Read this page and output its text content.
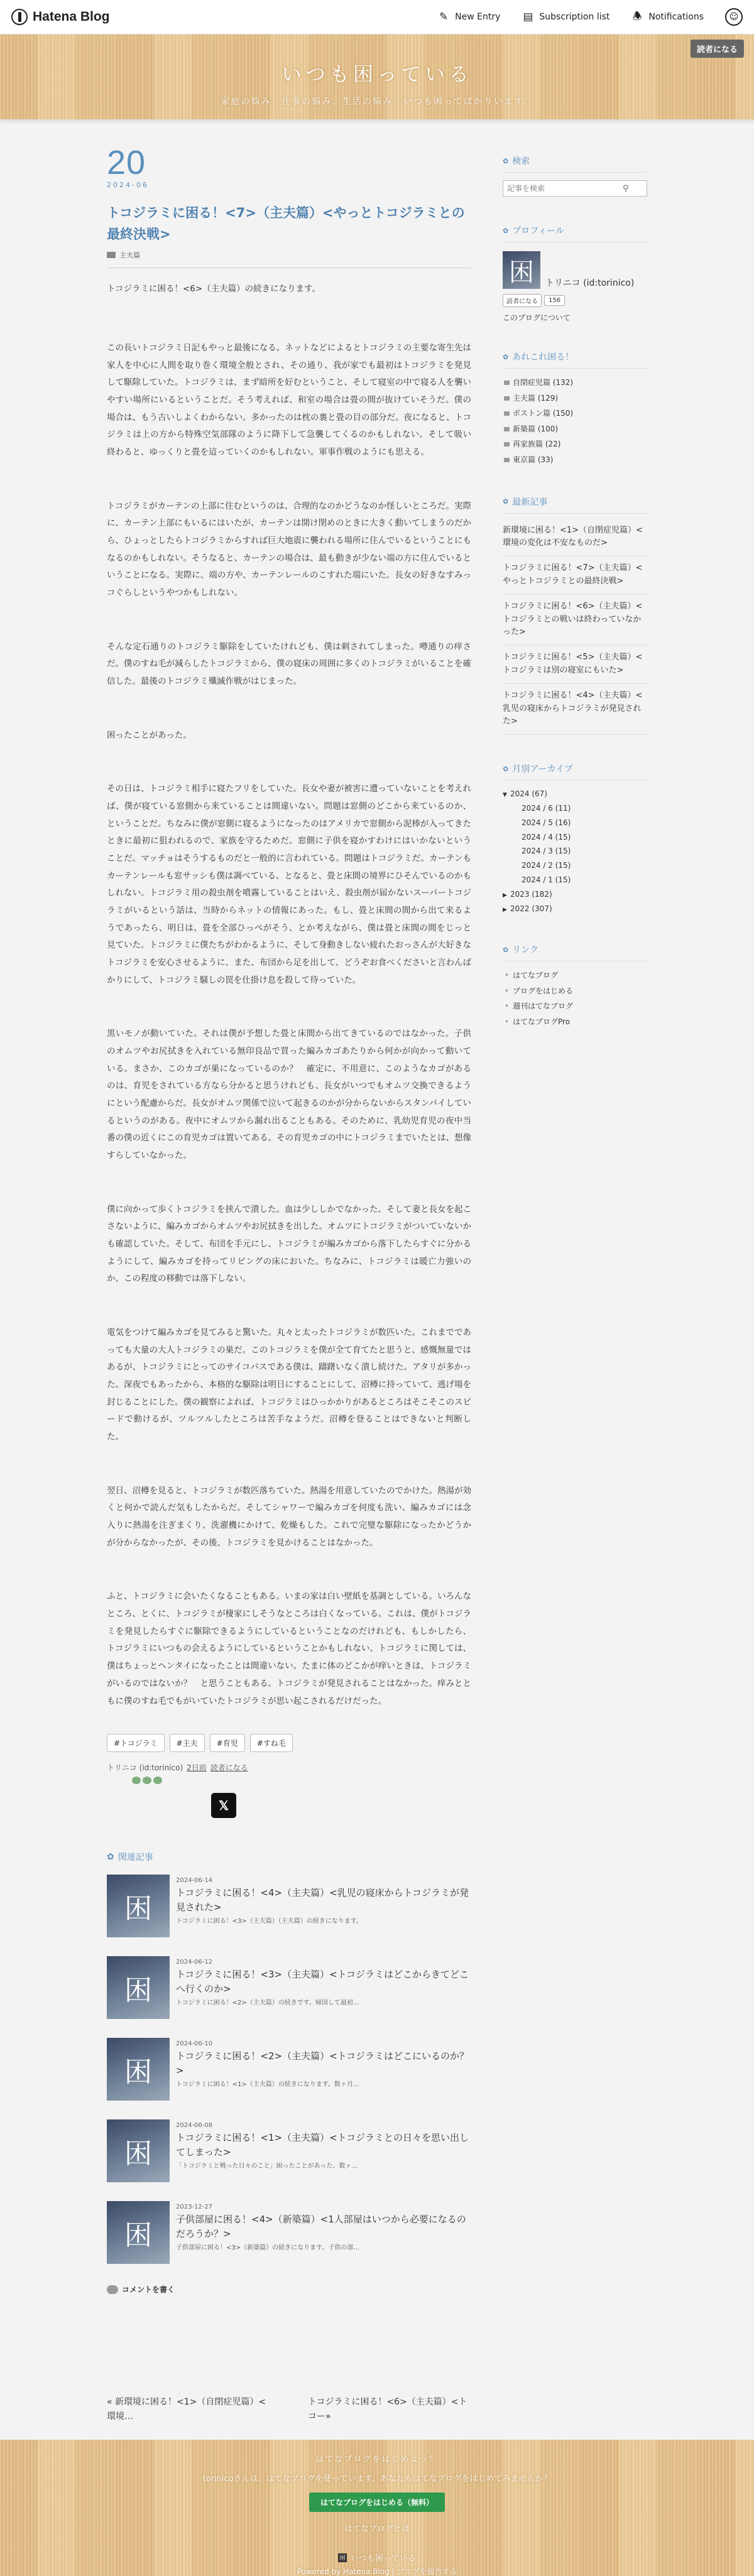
Hatena Blog	✎ New Entry ▤ Subscription list 🕭 Notifications	☺
読者になる
いつも困っている
家庭の悩み、仕事の悩み、生活の悩み。いつも困ってばかりいます。
20
2024-06
トコジラミに困る！<7>（主夫篇）<やっとトコジラミとの最終決戦>
主夫篇

トコジラミに困る！<6>（主夫篇）の続きになります。

この長いトコジラミ日記もやっと最後になる。ネットなどによるとトコジラミの主要な寄生先は家人を中心に人間を取り巻く環境全般とされ、その通り、我が家でも最初はトコジラミを発見して駆除していた。トコジラミは、まず暗所を好むということ、そして寝室の中で寝る人を襲いやすい場所にいるということだ。そう考えれば、和室の場合は畳の間が抜けていそうだ。僕の場合は、もう古いしよくわからない。多かったのは枕の裏と畳の目の部分だ。夜になると、トコジラミは上の方から特殊空気部隊のように降下して急襲してくるのかもしれない。そして吸い終わると、ゆっくりと畳を這っていくのかもしれない。軍事作戦のようにも思える。

トコジラミがカーテンの上部に住むというのは、合理的なのかどうなのか怪しいところだ。実際に、カーテン上部にもいるにはいたが、カーテンは開け閉めのときに大きく動いてしまうのだから、ひょっとしたらトコジラミからすれば巨大地震に襲われる場所に住んでいるということにもなるのかもしれない。そうなると、カーテンの場合は、最も動きが少ない端の方に住んでいるということになる。実際に、端の方や、カーテンレールのこすれた端にいた。長女の好きなすみっコぐらしというやつかもしれない。

そんな定石通りのトコジラミ駆除をしていたけれども、僕は刺されてしまった。噂通りの痒さだ。僕のすね毛が減らしたトコジラミから、僕の寝床の周囲に多くのトコジラミがいることを確信した。最後のトコジラミ殲滅作戦がはじまった。

困ったことがあった。

その日は、トコジラミ相手に寝たフリをしていた。長女や妻が被害に遭っていないことを考えれば、僕が寝ている窓側から来ていることは間違いない。問題は窓側のどこから来ているのか、ということだ。ちなみに僕が窓側に寝るようになったのはアメリカで窓側から泥棒が入ってきたときに最初に狙われるので、家族を守るためだ。窓側に子供を寝かすわけにはいかないということだ。マッチョはそうするものだと一般的に言われている。問題はトコジラミだ。カーテンもカーテンレールも窓サッシも僕は調べている。となると、畳と床間の境界にひそんでいるのかもしれない。トコジラミ用の殺虫剤を噴霧していることはいえ、殺虫剤が届かないスーパートコジラミがいるという話は、当時からネットの情報にあった。もし、畳と床間の間から出て来るようであったら、明日は、畳を全部ひっぺがそう、とか考えながら、僕は畳と床間の間をじっと見ていた。トコジラミに僕たちがわかるように、そして身動きしない疲れたおっさんが大好きなトコジラミを安心させるように、また、布団から足を出して、どうぞお食べくださいと言わんばかりにして、トコジラミ騒しの罠を仕掛け息を殺して待っていた。

黒いモノが動いていた。それは僕が予想した畳と床間から出てきているのではなかった。子供のオムツやお尻拭きを入れている無印良品で買った編みカゴあたりから何かが向かって動いている。まさか、このカゴが巣になっているのか？　確定に、不用意に、このようなカゴがあるのは、育児をされている方なら分かると思うけれども、長女がいつでもオムツ交換できるようにという配慮からだ。長女がオムツ関係で泣いて起きるのかが分からないからスタンバイしているというのがある。夜中にオムツから漏れ出ることもある。そのために、乳幼児育児の夜中当番の僕の近くにこの育児カゴは置いてある。その育児カゴの中にトコジラミまでいたとは、想像すらしていなかった。

僕に向かって歩くトコジラミを挟んで潰した。血は少ししかでなかった。そして妻と長女を起こさないように、編みカゴからオムツやお尻拭きを出した。オムツにトコジラミがついていないかも確認していた。そして、布団を手元にし、トコジラミが編みカゴから落下したらすぐに分かるようにして、編みカゴを持ってリビングの床においた。ちなみに、トコジラミは暖亡力強いのか、この程度の移動では落下しない。

電気をつけて編みカゴを見てみると驚いた。丸々と太ったトコジラミが数匹いた。これまでであっても大量の大人トコジラミの巣だ。このトコジラミを僕が全て育てたと思うと、感慨無量ではあるが、トコジラミにとってのサイコパスである僕は、躊躇いなく潰し続けた。アタリが多かった。深夜でもあったから、本格的な駆除は明日にすることにして、沼樽に持っていて、逃げ場を封じることにした。僕の観察によれば、トコジラミはひっかかりがあるところはそこそこのスピードで動けるが、ツルツルしたところは苦手なようだ。沼樽を登ることはできないと判断した。

翌日、沼樽を見ると、トコジラミが数匹落ちていた。熱湯を用意していたのでかけた。熱湯が効くと何かで読んだ気もしたからだ。そしてシャワーで編みカゴを何度も洗い、編みカゴには念入りに熱湯を注ぎまくり、洗濯機にかけて、乾燥もした。これで完璧な駆除になったかどうかが分からなかったが、その後、トコジラミを見かけることはなかった。

ふと、トコジラミに会いたくなることもある。いまの家は白い壁紙を基調としている。いろんなところ、とくに、トコジラミが棲家にしそうなところは白くなっている。これは、僕がトコジラミを発見したらすぐに駆除できるようにしているということなのだけれども、もしかしたら、トコジラミにいつもの会えるようにしているということかもしれない。トコジラミに関しては、僕はちょっとヘンタイになったことは間違いない。たまに体のどこかが痒いときは、トコジラミがいるのではないか？　と思うこともある。トコジラミが発見されることはなかった。痒みとともに僕のすね毛でもがいていたトコジラミが思い起こされるだけだった。

#トコジラミ	#主夫	#育児	#すね毛
トリニコ (id:torinico) 2日前 読者になる
𝕏
✿ 関連記事
困
2024-06-14
トコジラミに困る！<4>（主夫篇）<乳児の寝床からトコジラミが発見された>
トコジラミに困る！<3>（主夫篇）（主夫篇）の続きになります。
困
2024-06-12
トコジラミに困る！<3>（主夫篇）<トコジラミはどこからきてどこへ行くのか>
トコジラミに困る！<2>（主夫篇）の続きです。帰国して最初…
困
2024-06-10
トコジラミに困る！<2>（主夫篇）<トコジラミはどこにいるのか？>
トコジラミに困る！<1>（主夫篇）の続きになります。数ヶ月…
困
2024-06-08
トコジラミに困る！<1>（主夫篇）<トコジラミとの日々を思い出してしまった>
「トコジラミと戦った日々のこと」困ったことがあった。数ヶ…
困
2023-12-27
子供部屋に困る！<4>（新築篇）<1人部屋はいつから必要になるのだろうか？>
子供部屋に困る！<3>（新築篇）の続きになります。子供の部…
コメントを書く
« 新環境に困る！<1>（自閉症児篇）<環境…
トコジラミに困る！<6>（主夫篇）<トコー»
✿ 検索
記事を検索
⚲
✿ プロフィール
困	トリニコ (id:torinico)
読者になる	156
このブログについて
✿ あれこれ困る！
自閉症児篇 (132)
主夫篇 (129)
ボストン篇 (150)
新築篇 (100)
再家族篇 (22)
東京篇 (33)
✿ 最新記事
新環境に困る！<1>（自閉症児篇）<環境の変化は不安なものだ>
トコジラミに困る！<7>（主夫篇）<やっとトコジラミとの最終決戦>
トコジラミに困る！<6>（主夫篇）<トコジラミとの戦いは終わっていなかった>
トコジラミに困る！<5>（主夫篇）<トコジラミは別の寝室にもいた>
トコジラミに困る！<4>（主夫篇）<乳児の寝床からトコジラミが発見された>
✿ 月別アーカイブ
▼ 2024 (67)
2024 / 6 (11)
2024 / 5 (16)
2024 / 4 (15)
2024 / 3 (15)
2024 / 2 (15)
2024 / 1 (15)
▶ 2023 (182)
▶ 2022 (307)
✿ リンク
• はてなブログ
• ブログをはじめる
• 週刊はてなブログ
• はてなブログPro
はてなブログをはじめよう！
torinicoさんは、はてなブログを使っています。あなたもはてなブログをはじめてみませんか？
はてなブログをはじめる（無料）
はてなブログとは
困 いつも困っている
Powered by Hatena Blog | ブログを報告する
